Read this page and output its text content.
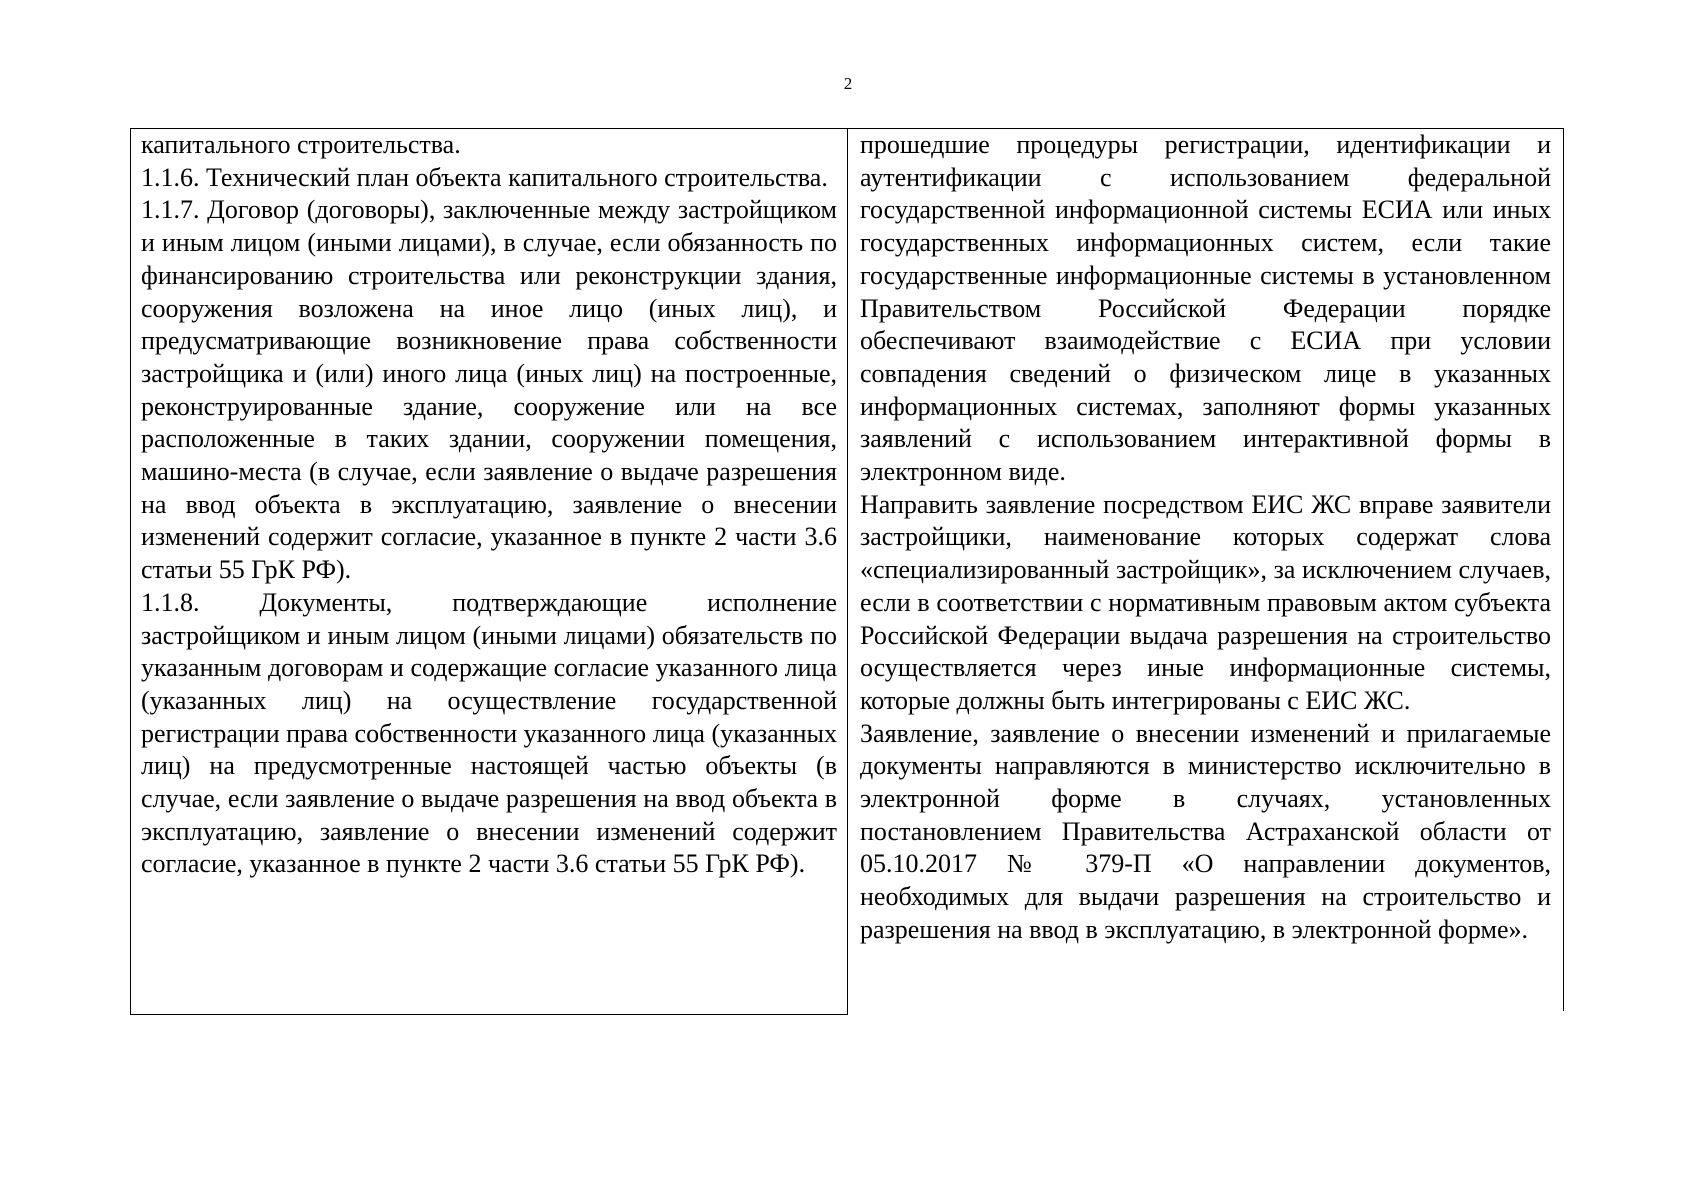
2

капитального строительства.

1.1.6. Технический план объекта капитального строительства.

1.1.7. Договор (договоры), заключенные между застройщиком и иным лицом (иными лицами), в случае, если обязанность по финансированию строительства или реконструкции здания, сооружения возложена на иное лицо (иных лиц), и предусматривающие возникновение права собственности застройщика и (или) иного лица (иных лиц) на построенные, реконструированные здание, сооружение или на все расположенные в таких здании, сооружении помещения, машино-места (в случае, если заявление о выдаче разрешения на ввод объекта в эксплуатацию, заявление о внесении изменений содержит согласие, указанное в пункте 2 части 3.6 статьи 55 ГрК РФ).

1.1.8. Документы, подтверждающие исполнение застройщиком и иным лицом (иными лицами) обязательств по указанным договорам и содержащие согласие указанного лица (указанных лиц) на осуществление государственной регистрации права собственности указанного лица (указанных лиц) на предусмотренные настоящей частью объекты (в случае, если заявление о выдаче разрешения на ввод объекта в эксплуатацию, заявление о внесении изменений содержит согласие, указанное в пункте 2 части 3.6 статьи 55 ГрК РФ).

прошедшие процедуры регистрации, идентификации и аутентификации с использованием федеральной государственной информационной системы ЕСИА или иных государственных информационных систем, если такие государственные информационные системы в установленном Правительством Российской Федерации порядке обеспечивают взаимодействие с ЕСИА при условии совпадения сведений о физическом лице в указанных информационных системах, заполняют формы указанных заявлений с использованием интерактивной формы в электронном виде.

Направить заявление посредством ЕИС ЖС вправе заявители застройщики, наименование которых содержат слова «специализированный застройщик», за исключением случаев, если в соответствии с нормативным правовым актом субъекта Российской Федерации выдача разрешения на строительство осуществляется через иные информационные системы, которые должны быть интегрированы с ЕИС ЖС.

Заявление, заявление о внесении изменений и прилагаемые документы направляются в министерство исключительно в электронной форме в случаях, установленных постановлением Правительства Астраханской области от 05.10.2017 № 379-П «О направлении документов, необходимых для выдачи разрешения на строительство и разрешения на ввод в эксплуатацию, в электронной форме».
